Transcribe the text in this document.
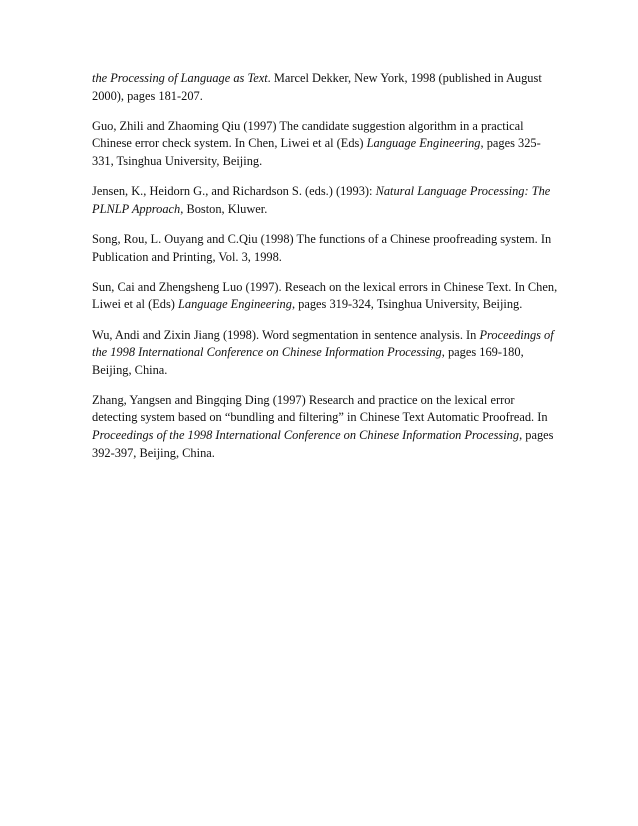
the Processing of Language as Text. Marcel Dekker, New York, 1998 (published in August 2000), pages 181-207.

Guo, Zhili and Zhaoming Qiu (1997) The candidate suggestion algorithm in a practical Chinese error check system. In Chen, Liwei et al (Eds) Language Engineering, pages 325-331, Tsinghua University, Beijing.

Jensen, K., Heidorn G., and Richardson S. (eds.) (1993): Natural Language Processing: The PLNLP Approach, Boston, Kluwer.

Song, Rou, L. Ouyang and C.Qiu (1998) The functions of a Chinese proofreading system. In Publication and Printing, Vol. 3, 1998.

Sun, Cai and Zhengsheng Luo (1997). Reseach on the lexical errors in Chinese Text. In Chen, Liwei et al (Eds) Language Engineering, pages 319-324, Tsinghua University, Beijing.

Wu, Andi and Zixin Jiang (1998). Word segmentation in sentence analysis. In Proceedings of the 1998 International Conference on Chinese Information Processing, pages 169-180, Beijing, China.

Zhang, Yangsen and Bingqing Ding (1997) Research and practice on the lexical error detecting system based on “bundling and filtering” in Chinese Text Automatic Proofread. In Proceedings of the 1998 International Conference on Chinese Information Processing, pages 392-397, Beijing, China.
